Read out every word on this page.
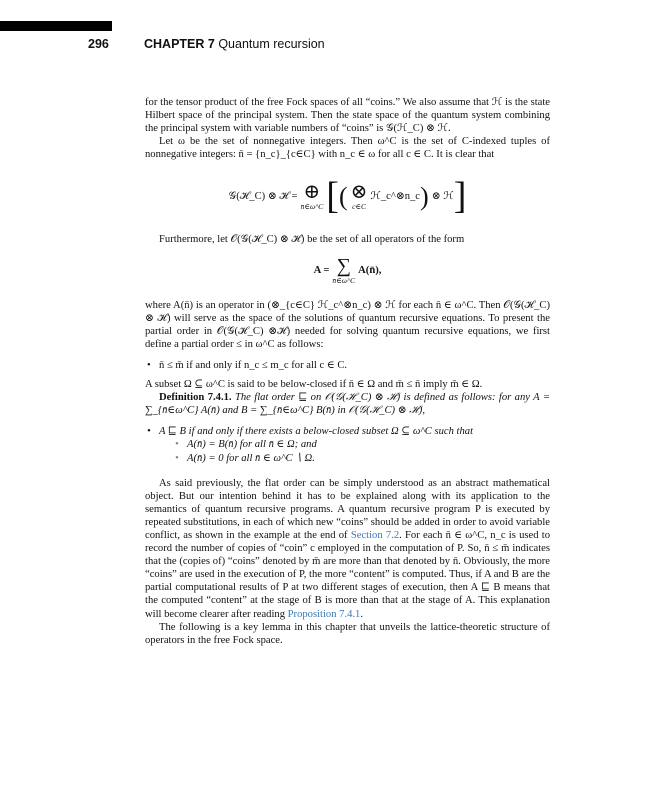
296	CHAPTER 7 Quantum recursion

for the tensor product of the free Fock spaces of all “coins.” We also assume that ℋ is the state Hilbert space of the principal system. Then the state space of the quantum system combining the principal system with variable numbers of “coins” is 𝒢(ℋ_C) ⊗ ℋ.

Let ω be the set of nonnegative integers. Then ω^C is the set of C-indexed tuples of nonnegative integers: n̄ = {n_c}_{c∈C} with n_c ∈ ω for all c ∈ C. It is clear that

𝒢(ℋ_C) ⊗ ℋ = ⊕
n̄∈ω^C [ ( ⊗
c∈C
ℋ_c^⊗n_c ) ⊗ ℋ ]

Furthermore, let 𝒪(𝒢(ℋ_C) ⊗ ℋ) be the set of all operators of the form

A = ∑
n̄∈ω^C
A(n̄),

where A(n̄) is an operator in (⊗_{c∈C} ℋ_c^⊗n_c) ⊗ ℋ for each n̄ ∈ ω^C. Then 𝒪(𝒢(ℋ_C) ⊗ ℋ) will serve as the space of the solutions of quantum recursive equations. To present the partial order in 𝒪(𝒢(ℋ_C) ⊗ℋ) needed for solving quantum recursive equations, we first define a partial order ≤ in ω^C as follows:

• n̄ ≤ m̄ if and only if n_c ≤ m_c for all c ∈ C.

A subset Ω ⊆ ω^C is said to be below-closed if n̄ ∈ Ω and m̄ ≤ n̄ imply m̄ ∈ Ω.

Definition 7.4.1. The flat order ⊑ on 𝒪(𝒢(ℋ_C) ⊗ ℋ) is defined as follows: for any A = ∑_{n̄∈ω^C} A(n̄) and B = ∑_{n̄∈ω^C} B(n̄) in 𝒪(𝒢(ℋ_C) ⊗ ℋ),

• A ⊑ B if and only if there exists a below-closed subset Ω ⊆ ω^C such that
• A(n̄) = B(n̄) for all n̄ ∈ Ω; and
• A(n̄) = 0 for all n̄ ∈ ω^C ∖ Ω.

As said previously, the flat order can be simply understood as an abstract mathematical object. But our intention behind it has to be explained along with its application to the semantics of quantum recursive programs. A quantum recursive program P is executed by repeated substitutions, in each of which new “coins” should be added in order to avoid variable conflict, as shown in the example at the end of Section 7.2. For each n̄ ∈ ω^C, n_c is used to record the number of copies of “coin” c employed in the computation of P. So, n̄ ≤ m̄ indicates that the (copies of) “coins” denoted by m̄ are more than that denoted by n̄. Obviously, the more “coins” are used in the execution of P, the more “content” is computed. Thus, if A and B are the partial computational results of P at two different stages of execution, then A ⊑ B means that the computed “content” at the stage of B is more than that at the stage of A. This explanation will become clearer after reading Proposition 7.4.1.

The following is a key lemma in this chapter that unveils the lattice-theoretic structure of operators in the free Fock space.
